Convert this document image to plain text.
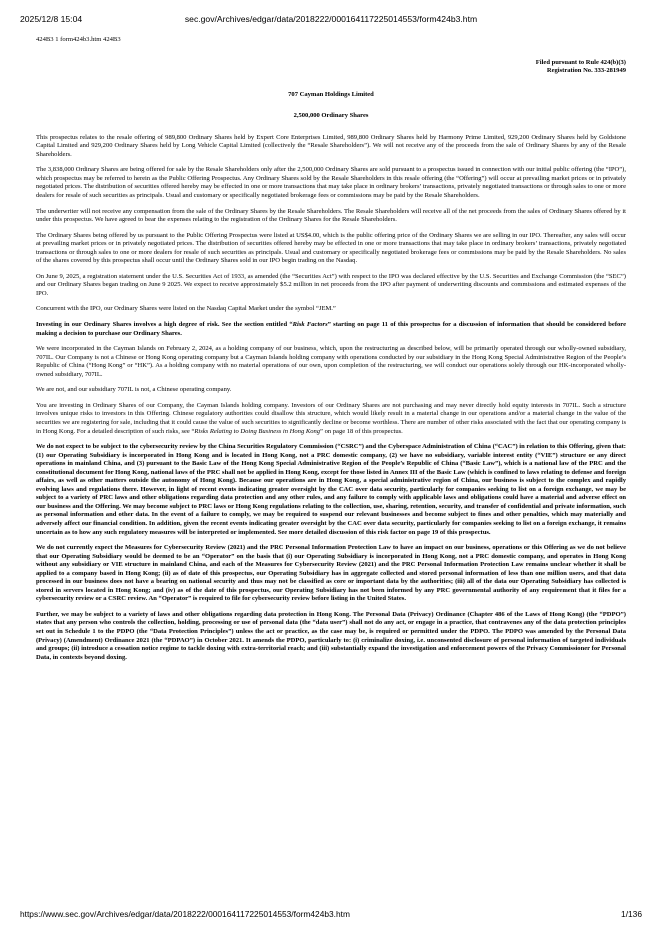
2025/12/8 15:04	sec.gov/Archives/edgar/data/2018222/000164117225014553/form424b3.htm

424B3 1 form424b3.htm 424B3

Filed pursuant to Rule 424(b)(3)
Registration No. 333-281949

707 Cayman Holdings Limited

2,500,000 Ordinary Shares

This prospectus relates to the resale offering of 989,800 Ordinary Shares held by Expert Core Enterprises Limited, 989,800 Ordinary Shares held by Harmony Prime Limited, 929,200 Ordinary Shares held by Goldstone Capital Limited and 929,200 Ordinary Shares held by Long Vehicle Capital Limited (collectively the “Resale Shareholders”). We will not receive any of the proceeds from the sale of Ordinary Shares by any of the Resale Shareholders.

The 3,838,000 Ordinary Shares are being offered for sale by the Resale Shareholders only after the 2,500,000 Ordinary Shares are sold pursuant to a prospectus issued in connection with our initial public offering (the “IPO”), which prospectus may be referred to herein as the Public Offering Prospectus. Any Ordinary Shares sold by the Resale Shareholders in this resale offering (the “Offering”) will occur at prevailing market prices or in privately negotiated prices. The distribution of securities offered hereby may be effected in one or more transactions that may take place in ordinary brokers’ transactions, privately negotiated transactions or through sales to one or more dealers for resale of such securities as principals. Usual and customary or specifically negotiated brokerage fees or commissions may be paid by the Resale Shareholders.

The underwriter will not receive any compensation from the sale of the Ordinary Shares by the Resale Shareholders. The Resale Shareholders will receive all of the net proceeds from the sales of Ordinary Shares offered by it under this prospectus. We have agreed to bear the expenses relating to the registration of the Ordinary Shares for the Resale Shareholders.

The Ordinary Shares being offered by us pursuant to the Public Offering Prospectus were listed at US$4.00, which is the public offering price of the Ordinary Shares we are selling in our IPO. Thereafter, any sales will occur at prevailing market prices or in privately negotiated prices. The distribution of securities offered hereby may be effected in one or more transactions that may take place in ordinary brokers’ transactions, privately negotiated transactions or through sales to one or more dealers for resale of such securities as principals. Usual and customary or specifically negotiated brokerage fees or commissions may be paid by the Resale Shareholders. No sales of the shares covered by this prospectus shall occur until the Ordinary Shares sold in our IPO begin trading on the Nasdaq.

On June 9, 2025, a registration statement under the U.S. Securities Act of 1933, as amended (the “Securities Act”) with respect to the IPO was declared effective by the U.S. Securities and Exchange Commission (the “SEC”) and our Ordinary Shares began trading on June 9 2025. We expect to receive approximately $5.2 million in net proceeds from the IPO after payment of underwriting discounts and commissions and estimated expenses of the IPO.

Concurrent with the IPO, our Ordinary Shares were listed on the Nasdaq Capital Market under the symbol “JEM.”

Investing in our Ordinary Shares involves a high degree of risk. See the section entitled “Risk Factors” starting on page 11 of this prospectus for a discussion of information that should be considered before making a decision to purchase our Ordinary Shares.

We were incorporated in the Cayman Islands on February 2, 2024, as a holding company of our business, which, upon the restructuring as described below, will be primarily operated through our wholly-owned subsidiary, 707IL. Our Company is not a Chinese or Hong Kong operating company but a Cayman Islands holding company with operations conducted by our subsidiary in the Hong Kong Special Administrative Region of the People’s Republic of China (“Hong Kong” or “HK”). As a holding company with no material operations of our own, upon completion of the restructuring, we will conduct our operations solely through our HK-incorporated wholly-owned subsidiary, 707IL.

We are not, and our subsidiary 707IL is not, a Chinese operating company.

You are investing in Ordinary Shares of our Company, the Cayman Islands holding company. Investors of our Ordinary Shares are not purchasing and may never directly hold equity interests in 707IL. Such a structure involves unique risks to investors in this Offering. Chinese regulatory authorities could disallow this structure, which would likely result in a material change in our operations and/or a material change in the value of the securities we are registering for sale, including that it could cause the value of such securities to significantly decline or become worthless. There are number of other risks associated with the fact that our operating company is in Hong Kong. For a detailed description of such risks, see “Risks Relating to Doing Business in Hong Kong” on page 18 of this prospectus.

We do not expect to be subject to the cybersecurity review by the China Securities Regulatory Commission (“CSRC”) and the Cyberspace Administration of China (“CAC”) in relation to this Offering, given that: (1) our Operating Subsidiary is incorporated in Hong Kong and is located in Hong Kong, not a PRC domestic company, (2) we have no subsidiary, variable interest entity (“VIE”) structure or any direct operations in mainland China, and (3) pursuant to the Basic Law of the Hong Kong Special Administrative Region of the People’s Republic of China (“Basic Law”), which is a national law of the PRC and the constitutional document for Hong Kong, national laws of the PRC shall not be applied in Hong Kong, except for those listed in Annex III of the Basic Law (which is confined to laws relating to defense and foreign affairs, as well as other matters outside the autonomy of Hong Kong). Because our operations are in Hong Kong, a special administrative region of China, our business is subject to the complex and rapidly evolving laws and regulations there. However, in light of recent events indicating greater oversight by the CAC over data security, particularly for companies seeking to list on a foreign exchange, we may be subject to a variety of PRC laws and other obligations regarding data protection and any other rules, and any failure to comply with applicable laws and obligations could have a material and adverse effect on our business and the Offering. We may become subject to PRC laws or Hong Kong regulations relating to the collection, use, sharing, retention, security, and transfer of confidential and private information, such as personal information and other data. In the event of a failure to comply, we may be required to suspend our relevant businesses and become subject to fines and other penalties, which may materially and adversely affect our financial condition. In addition, given the recent events indicating greater oversight by the CAC over data security, particularly for companies seeking to list on a foreign exchange, it remains uncertain as to how any such regulatory measures will be interpreted or implemented. See more detailed discussion of this risk factor on page 19 of this prospectus.

We do not currently expect the Measures for Cybersecurity Review (2021) and the PRC Personal Information Protection Law to have an impact on our business, operations or this Offering as we do not believe that our Operating Subsidiary would be deemed to be an “Operator” on the basis that (i) our Operating Subsidiary is incorporated in Hong Kong, not a PRC domestic company, and operates in Hong Kong without any subsidiary or VIE structure in mainland China, and each of the Measures for Cybersecurity Review (2021) and the PRC Personal Information Protection Law remains unclear whether it shall be applied to a company based in Hong Kong; (ii) as of date of this prospectus, our Operating Subsidiary has in aggregate collected and stored personal information of less than one million users, and that data processed in our business does not have a bearing on national security and thus may not be classified as core or important data by the authorities; (iii) all of the data our Operating Subsidiary has collected is stored in servers located in Hong Kong; and (iv) as of the date of this prospectus, our Operating Subsidiary has not been informed by any PRC governmental authority of any requirement that it files for a cybersecurity review or a CSRC review. An “Operator” is required to file for cybersecurity review before listing in the United States.

Further, we may be subject to a variety of laws and other obligations regarding data protection in Hong Kong. The Personal Data (Privacy) Ordinance (Chapter 486 of the Laws of Hong Kong) (the “PDPO”) states that any person who controls the collection, holding, processing or use of personal data (the “data user”) shall not do any act, or engage in a practice, that contravenes any of the data protection principles set out in Schedule 1 to the PDPO (the “Data Protection Principles”) unless the act or practice, as the case may be, is required or permitted under the PDPO. The PDPO was amended by the Personal Data (Privacy) (Amendment) Ordinance 2021 (the “PDPAO”) in October 2021. It amends the PDPO, particularly to: (i) criminalize doxing, i.e. unconsented disclosure of personal information of targeted individuals and groups; (ii) introduce a cessation notice regime to tackle doxing with extra-territorial reach; and (iii) substantially expand the investigation and enforcement powers of the Privacy Commissioner for Personal Data, in contexts beyond doxing.

https://www.sec.gov/Archives/edgar/data/2018222/000164117225014553/form424b3.htm	1/136
